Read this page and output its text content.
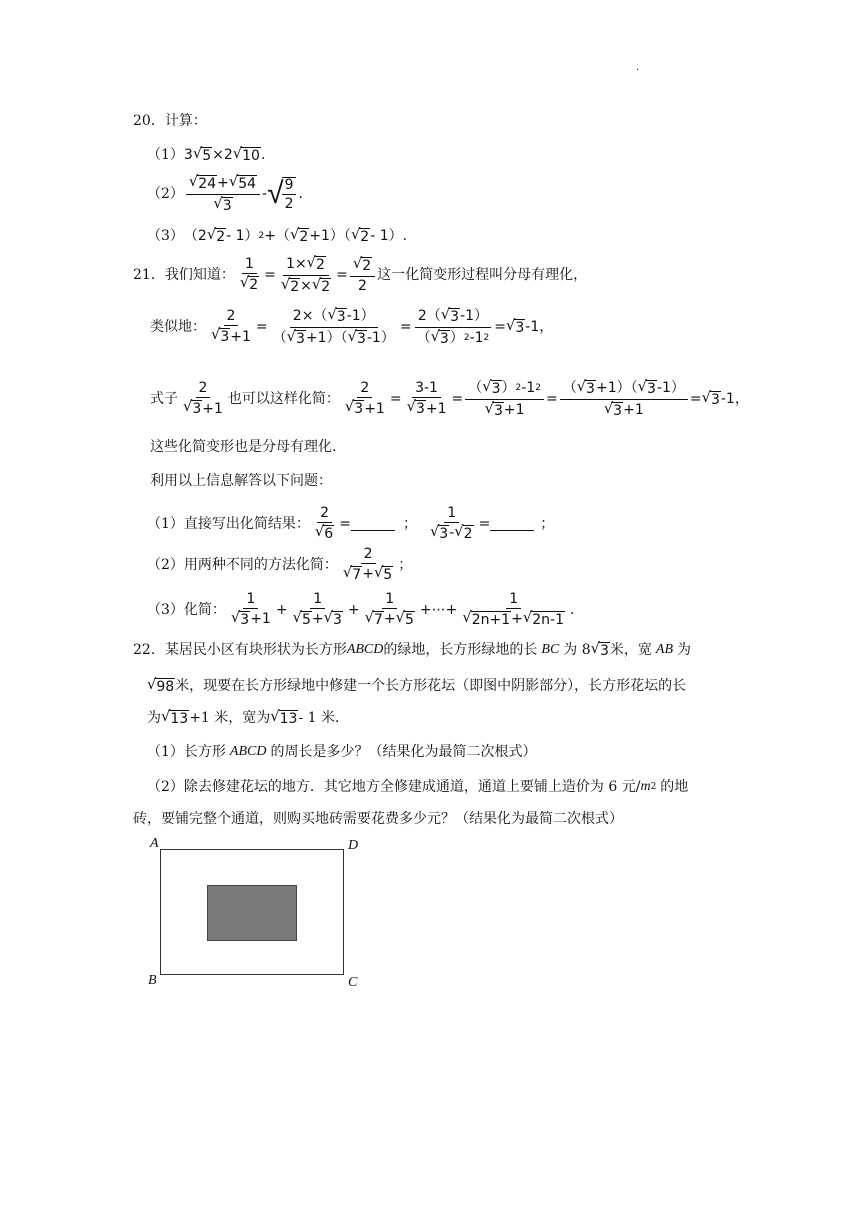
.
20． 计算：
（1） 3 √ 5 ×2 √ 10 .
$(2) \frac{√ 24 + √ 54}{√ 3}$ - √
$\frac{9}{2}$ .
（3） （2 √ 2 - 1） 2 +（ √ 2 +1）（ √ 2 - 1）.
21． 我们知道： $\frac{1}{√ 2} = \frac{1\times √ 2}{√ 2 \times √ 2} = \frac{√ 2}{2}$ 这一化简变形过程叫分母有理化，
类似地： $\frac{2}{√ 3 +1} = \frac{2\times( √ 3 -1)}{( √ 3 +1)( √ 3 -1)} = \frac{2( √ 3 -1)}{( √ 3 ) 2 -1 2}$ = √ 3 -1，
式子 $\frac{2}{√ 3 +1}$ 也可以这样化简： $\frac{2}{√ 3 +1} = \frac{3-1}{√ 3 +1} = \frac{( √ 3 ) 2 -1 2}{√ 3 +1} = \frac{( √ 3 +1)( √ 3 -1)}{√ 3 +1}$ = √ 3 -1，
这些化简变形也是分母有理化．
利用以上信息解答以下问题：
（1）直接写出化简结果： $\frac{2}{√ 6}$ =	； $\frac{1}{√ 3 - √ 2}$ =	；
（2）用两种不同的方法化简： $\frac{2}{√ 7 + √ 5}$ ；
（3）化简： $\frac{1}{√ 3 +1} + \frac{1}{√ 5 + √ 3} + \frac{1}{√ 7 + √ 5}$ +⋯+ $\frac{1}{√ 2n+1 + √ 2n-1}$ .
22． 某居民小区有块形状为长方形 ABCD 的绿地，长方形绿地的长 BC 为 8 √ 3 米，宽 AB 为
√ 98 米，现要在长方形绿地中修建一个长方形花坛（即图中阴影部分），长方形花坛的长
为 √ 13 +1 米，宽为 √ 13 - 1 米．
（1）长方形 ABCD 的周长是多少？（结果化为最简二次根式）
（2）除去修建花坛的地方．其它地方全修建成通道，通道上要铺上造价为 6 元/ m 2 的地
砖，要铺完整个通道，则购买地砖需要花费多少元？（结果化为最简二次根式）
A	D
B	C
